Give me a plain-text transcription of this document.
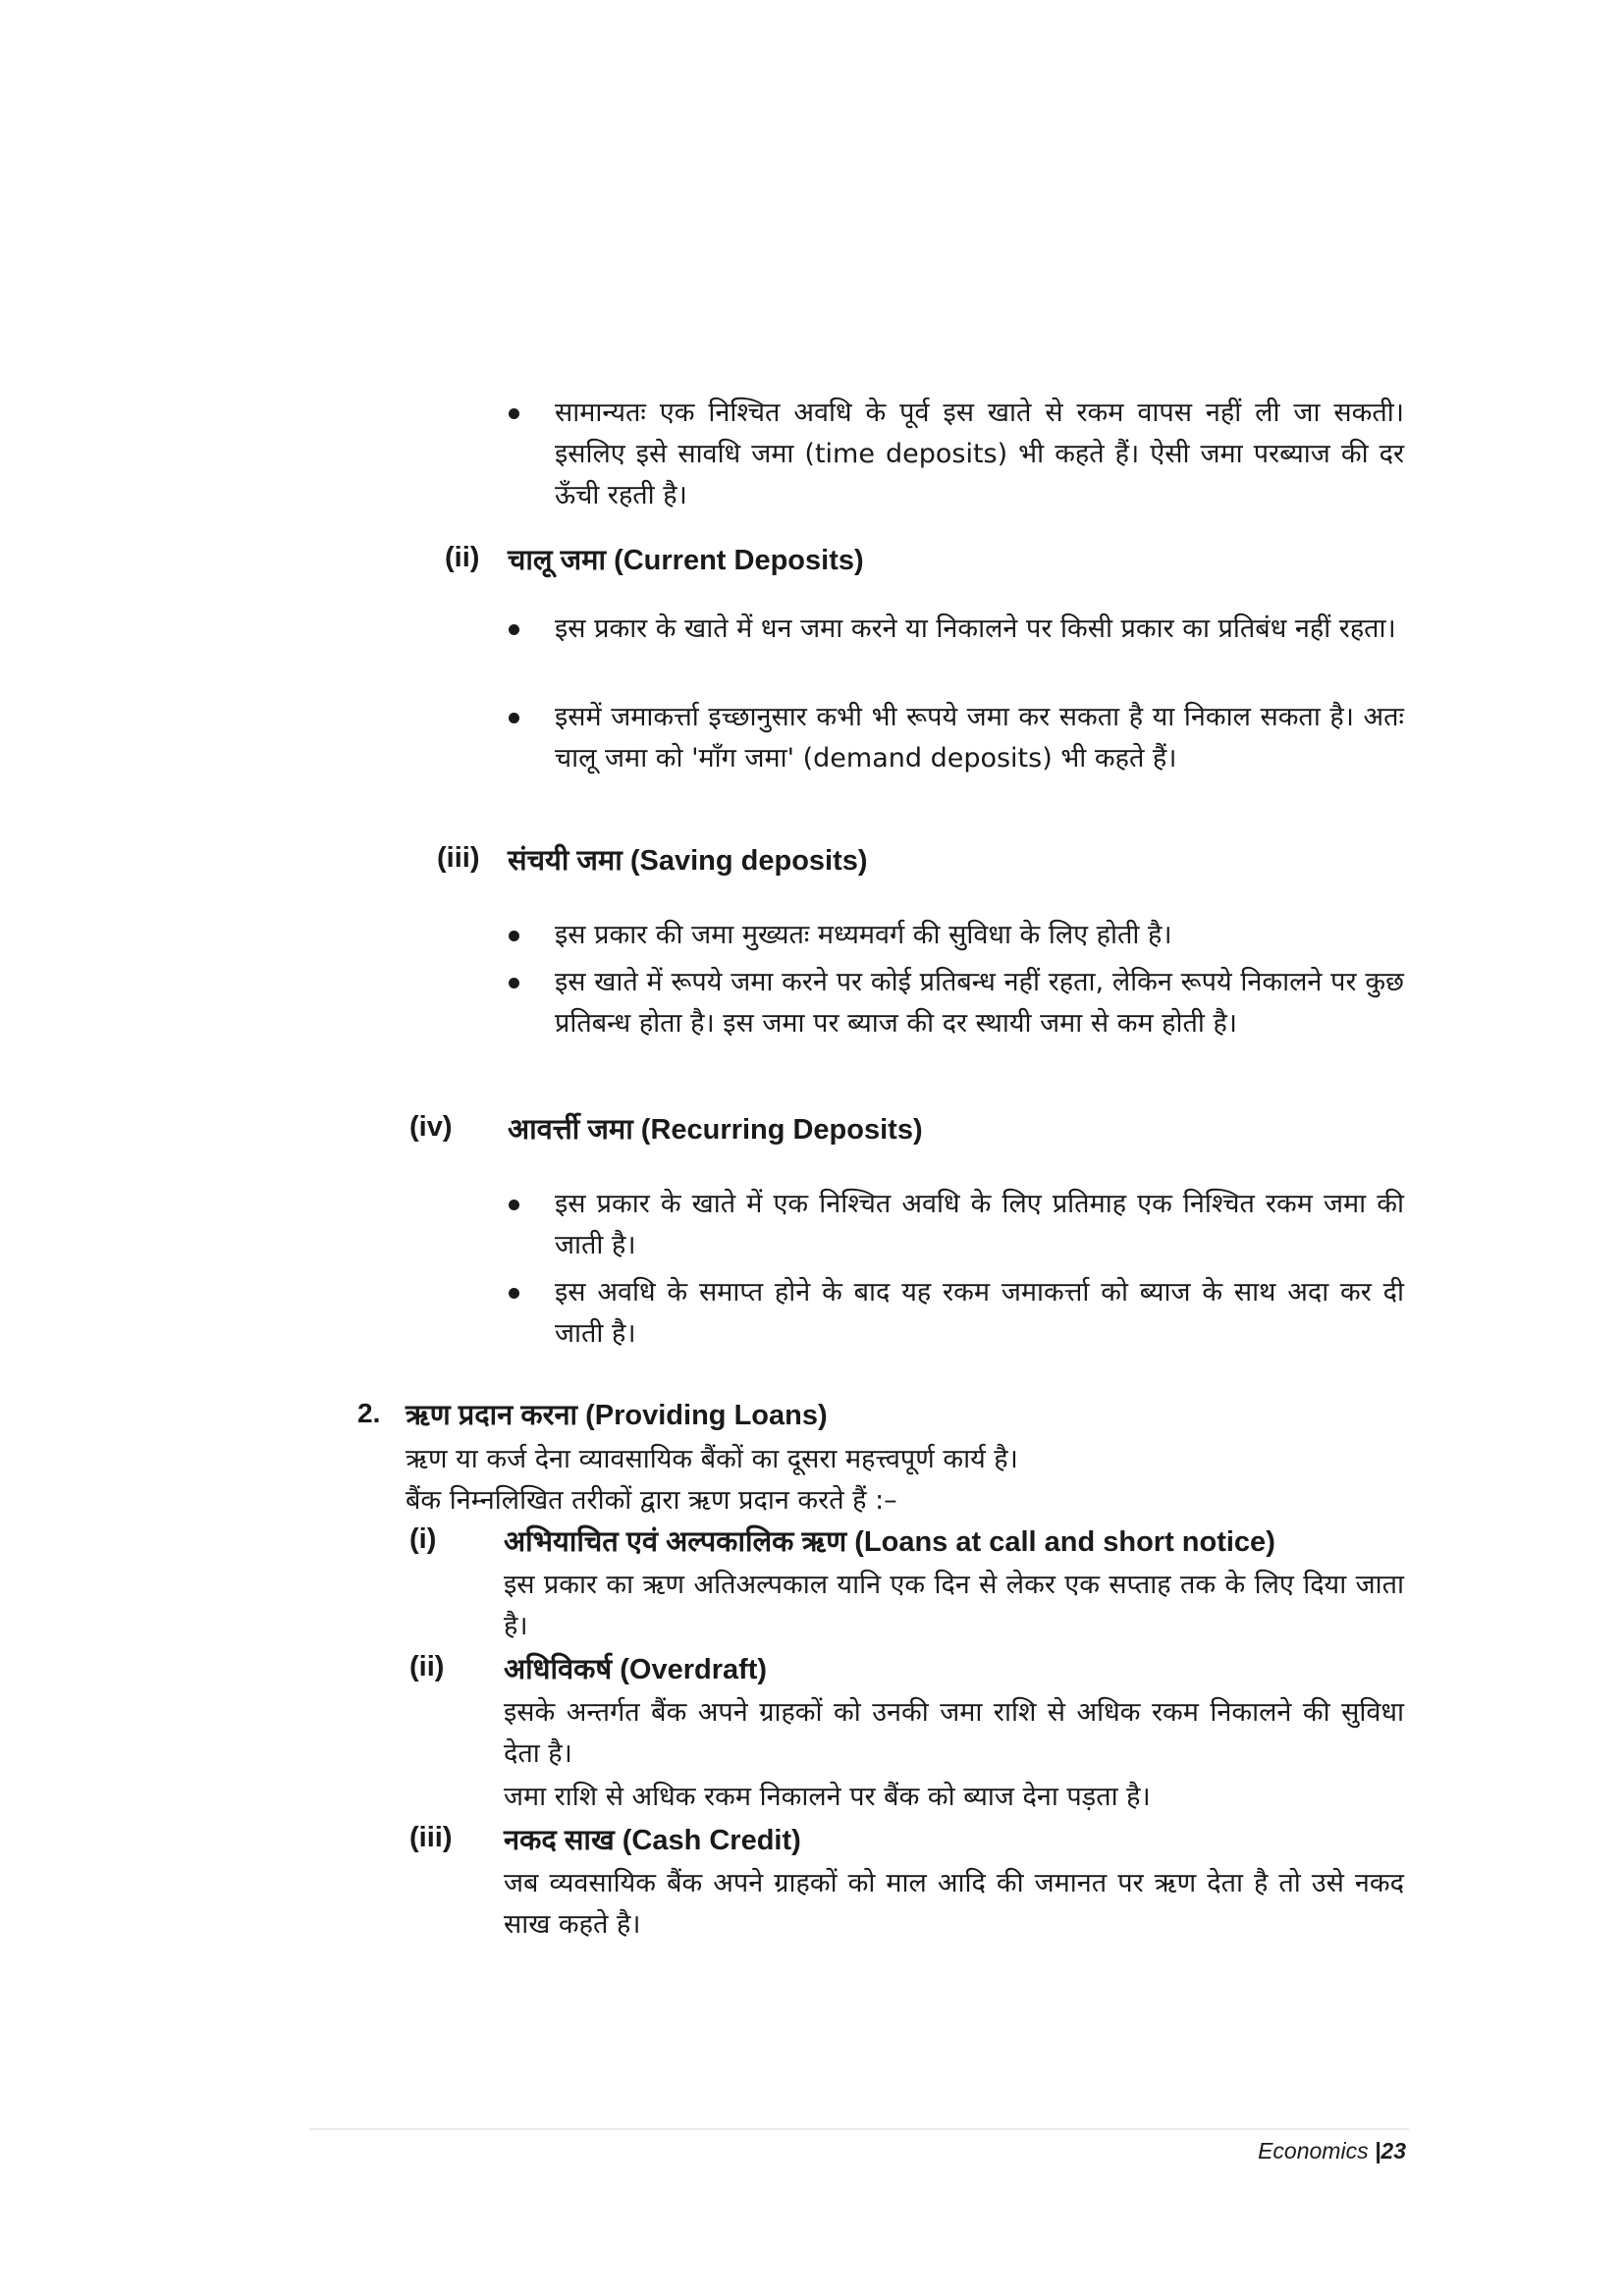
सामान्यतः एक निश्चित अवधि के पूर्व इस खाते से रकम वापस नहीं ली जा सकती। इसलिए इसे सावधि जमा (time deposits) भी कहते हैं। ऐसी जमा परब्याज की दर ऊँची रहती है।
(ii) चालू जमा (Current Deposits)
इस प्रकार के खाते में धन जमा करने या निकालने पर किसी प्रकार का प्रतिबंध नहीं रहता।
इसमें जमाकर्त्ता इच्छानुसार कभी भी रूपये जमा कर सकता है या निकाल सकता है। अतः चालू जमा को 'माँग जमा' (demand deposits) भी कहते हैं।
(iii) संचयी जमा (Saving deposits)
इस प्रकार की जमा मुख्यतः मध्यमवर्ग की सुविधा के लिए होती है।
इस खाते में रूपये जमा करने पर कोई प्रतिबन्ध नहीं रहता, लेकिन रूपये निकालने पर कुछ प्रतिबन्ध होता है। इस जमा पर ब्याज की दर स्थायी जमा से कम होती है।
(iv) आवर्त्ती जमा (Recurring Deposits)
इस प्रकार के खाते में एक निश्चित अवधि के लिए प्रतिमाह एक निश्चित रकम जमा की जाती है।
इस अवधि के समाप्त होने के बाद यह रकम जमाकर्त्ता को ब्याज के साथ अदा कर दी जाती है।
2. ऋण प्रदान करना (Providing Loans)
ऋण या कर्ज देना व्यावसायिक बैंकों का दूसरा महत्त्वपूर्ण कार्य है।
बैंक निम्नलिखित तरीकों द्वारा ऋण प्रदान करते हैं :–
(i) अभियाचित एवं अल्पकालिक ऋण (Loans at call and short notice)
इस प्रकार का ऋण अतिअल्पकाल यानि एक दिन से लेकर एक सप्ताह तक के लिए दिया जाता है।
(ii) अधिविकर्ष (Overdraft)
इसके अन्तर्गत बैंक अपने ग्राहकों को उनकी जमा राशि से अधिक रकम निकालने की सुविधा देता है।
जमा राशि से अधिक रकम निकालने पर बैंक को ब्याज देना पड़ता है।
(iii) नकद साख (Cash Credit)
जब व्यवसायिक बैंक अपने ग्राहकों को माल आदि की जमानत पर ऋण देता है तो उसे नकद साख कहते है।
Economics |23
